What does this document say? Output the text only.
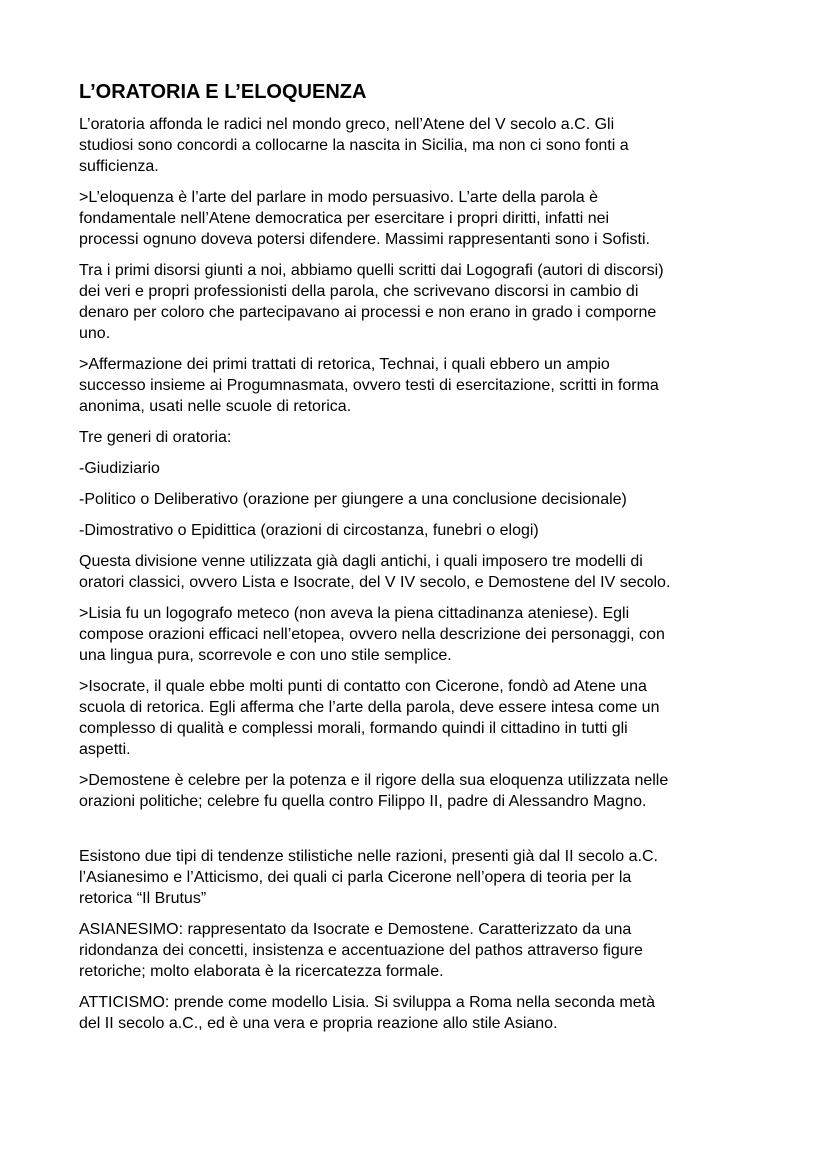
L’ORATORIA E L’ELOQUENZA

L’oratoria affonda le radici nel mondo greco, nell’Atene del V secolo a.C. Gli
studiosi sono concordi a collocarne la nascita in Sicilia, ma non ci sono fonti a
sufficienza.

>L’eloquenza è l’arte del parlare in modo persuasivo. L’arte della parola è
fondamentale nell’Atene democratica per esercitare i propri diritti, infatti nei
processi ognuno doveva potersi difendere. Massimi rappresentanti sono i Sofisti.

Tra i primi disorsi giunti a noi, abbiamo quelli scritti dai Logografi (autori di discorsi)
dei veri e propri professionisti della parola, che scrivevano discorsi in cambio di
denaro per coloro che partecipavano ai processi e non erano in grado i comporne
uno.

>Affermazione dei primi trattati di retorica, Technai, i quali ebbero un ampio
successo insieme ai Progumnasmata, ovvero testi di esercitazione, scritti in forma
anonima, usati nelle scuole di retorica.

Tre generi di oratoria:

-Giudiziario

-Politico o Deliberativo (orazione per giungere a una conclusione decisionale)

-Dimostrativo o Epidittica (orazioni di circostanza, funebri o elogi)

Questa divisione venne utilizzata già dagli antichi, i quali imposero tre modelli di
oratori classici, ovvero Lista e Isocrate, del V IV secolo, e Demostene del IV secolo.

>Lisia fu un logografo meteco (non aveva la piena cittadinanza ateniese). Egli
compose orazioni efficaci nell’etopea, ovvero nella descrizione dei personaggi, con
una lingua pura, scorrevole e con uno stile semplice.

>Isocrate, il quale ebbe molti punti di contatto con Cicerone, fondò ad Atene una
scuola di retorica. Egli afferma che l’arte della parola, deve essere intesa come un
complesso di qualità e complessi morali, formando quindi il cittadino in tutti gli
aspetti.

>Demostene è celebre per la potenza e il rigore della sua eloquenza utilizzata nelle
orazioni politiche; celebre fu quella contro Filippo II, padre di Alessandro Magno.

Esistono due tipi di tendenze stilistiche nelle razioni, presenti già dal II secolo a.C.
l’Asianesimo e l’Atticismo, dei quali ci parla Cicerone nell’opera di teoria per la
retorica “Il Brutus”

ASIANESIMO: rappresentato da Isocrate e Demostene. Caratterizzato da una
ridondanza dei concetti, insistenza e accentuazione del pathos attraverso figure
retoriche; molto elaborata è la ricercatezza formale.

ATTICISMO: prende come modello Lisia. Si sviluppa a Roma nella seconda metà
del II secolo a.C., ed è una vera e propria reazione allo stile Asiano.
